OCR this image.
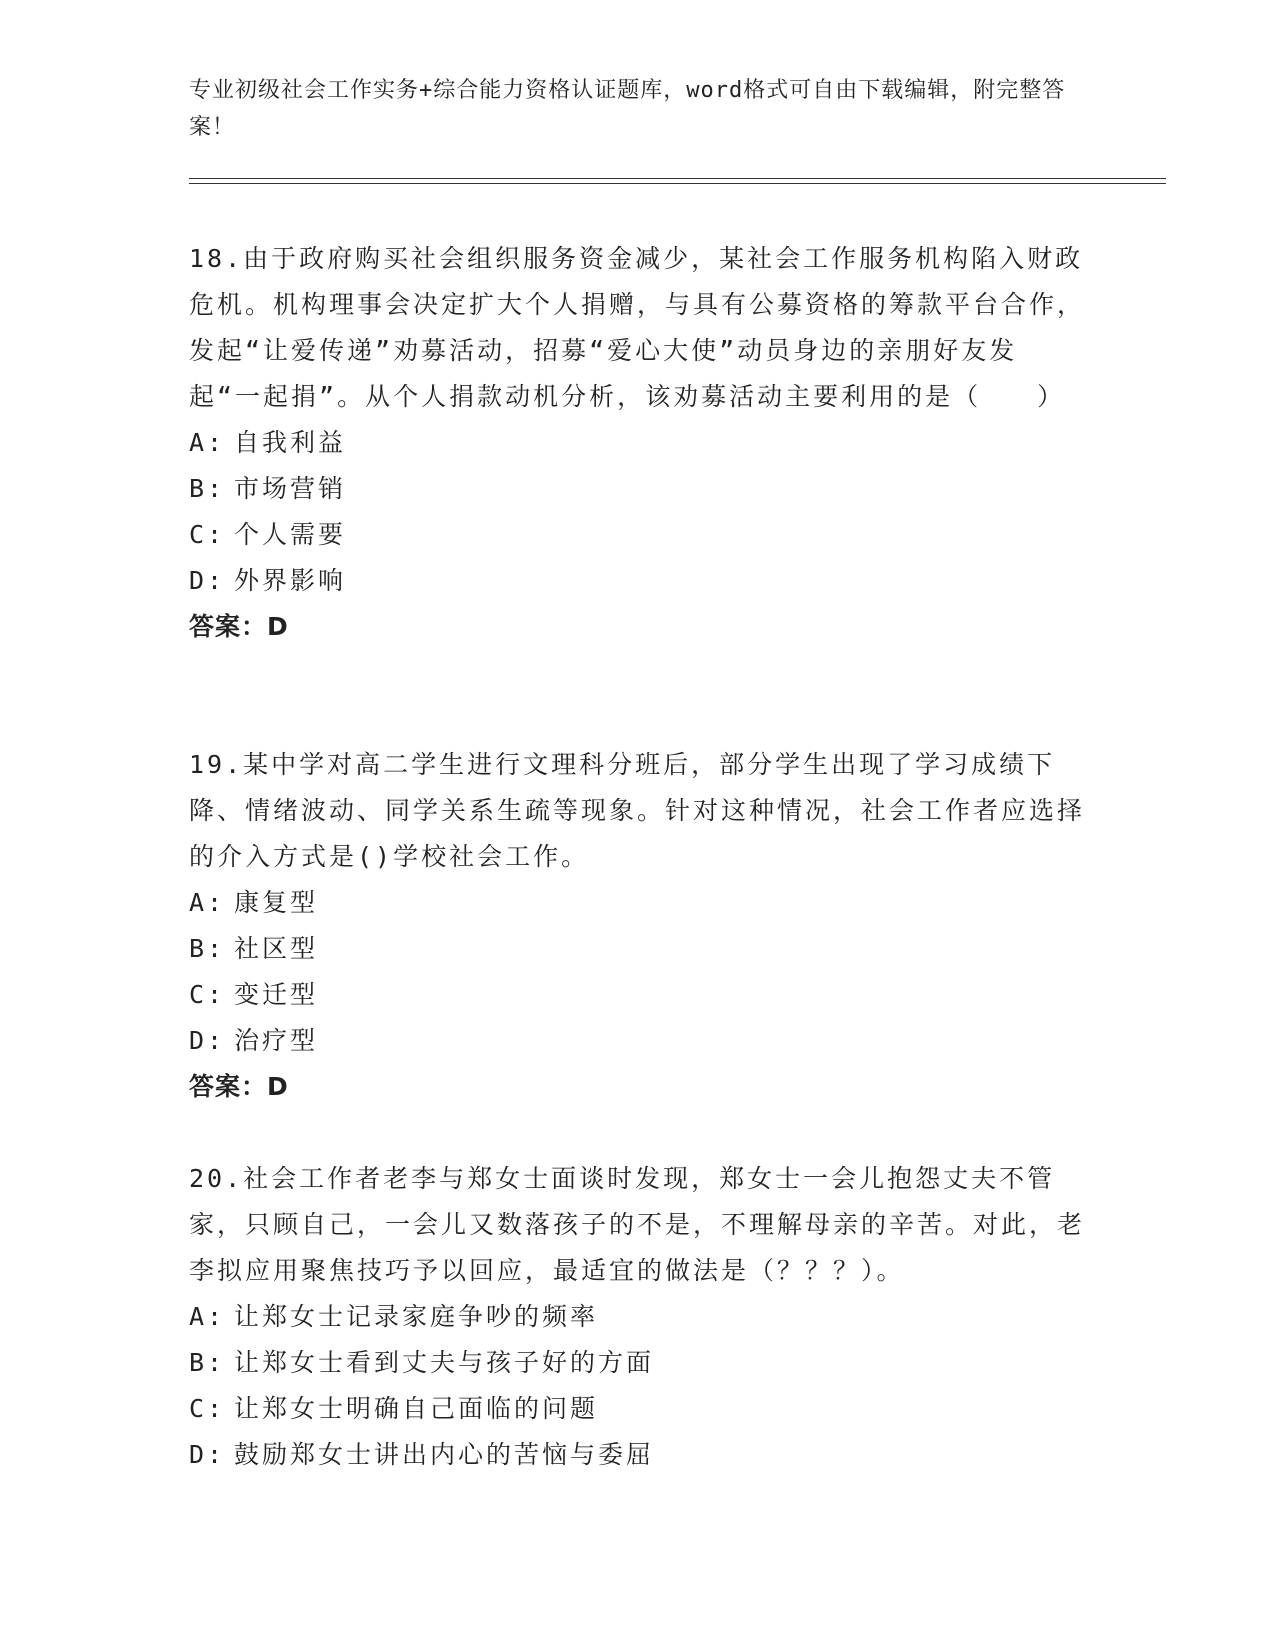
专业初级社会工作实务+综合能力资格认证题库，word格式可自由下载编辑，附完整答案！

18.由于政府购买社会组织服务资金减少，某社会工作服务机构陷入财政危机。机构理事会决定扩大个人捐赠，与具有公募资格的筹款平台合作，发起“让爱传递”劝募活动，招募“爱心大使”动员身边的亲朋好友发起“一起捐”。从个人捐款动机分析，该劝募活动主要利用的是（　　）

A: 自我利益
B: 市场营销
C: 个人需要
D: 外界影响
答案：D

19.某中学对高二学生进行文理科分班后，部分学生出现了学习成绩下降、情绪波动、同学关系生疏等现象。针对这种情况，社会工作者应选择的介入方式是()学校社会工作。

A: 康复型
B: 社区型
C: 变迁型
D: 治疗型
答案：D

20.社会工作者老李与郑女士面谈时发现，郑女士一会儿抱怨丈夫不管家，只顾自己，一会儿又数落孩子的不是，不理解母亲的辛苦。对此，老李拟应用聚焦技巧予以回应，最适宜的做法是（？？？）。

A: 让郑女士记录家庭争吵的频率
B: 让郑女士看到丈夫与孩子好的方面
C: 让郑女士明确自己面临的问题
D: 鼓励郑女士讲出内心的苦恼与委屈
